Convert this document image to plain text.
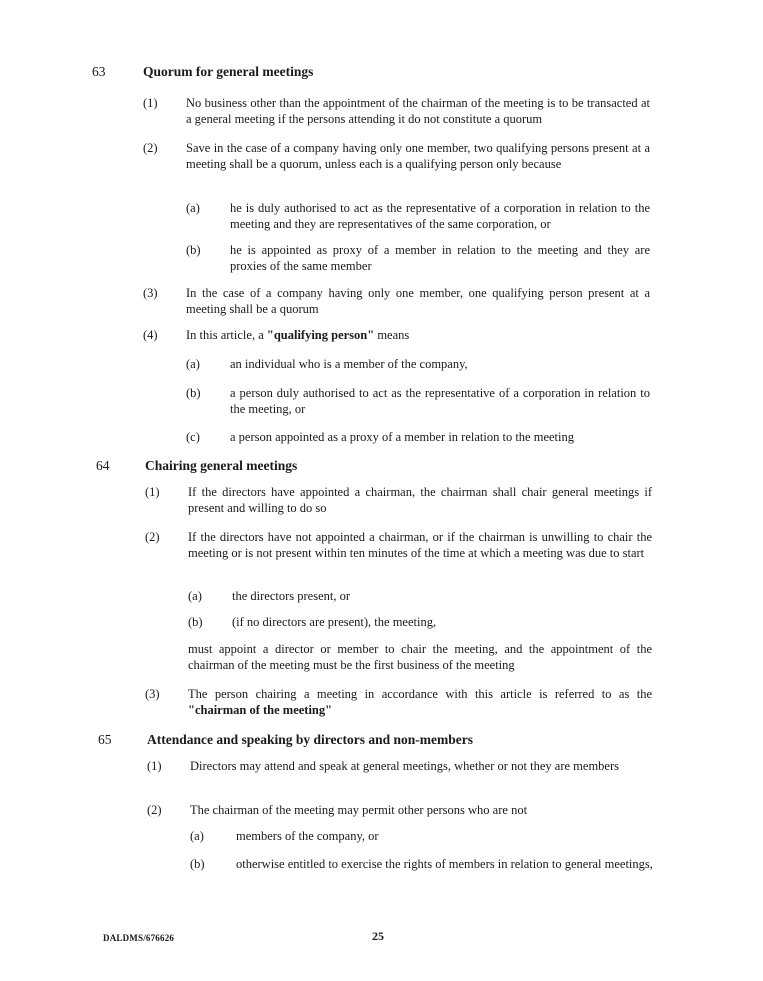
63	Quorum for general meetings
(1) No business other than the appointment of the chairman of the meeting is to be transacted at a general meeting if the persons attending it do not constitute a quorum
(2) Save in the case of a company having only one member, two qualifying persons present at a meeting shall be a quorum, unless each is a qualifying person only because
(a) he is duly authorised to act as the representative of a corporation in relation to the meeting and they are representatives of the same corporation, or
(b) he is appointed as proxy of a member in relation to the meeting and they are proxies of the same member
(3) In the case of a company having only one member, one qualifying person present at a meeting shall be a quorum
(4) In this article, a "qualifying person" means
(a) an individual who is a member of the company,
(b) a person duly authorised to act as the representative of a corporation in relation to the meeting, or
(c) a person appointed as a proxy of a member in relation to the meeting
64	Chairing general meetings
(1) If the directors have appointed a chairman, the chairman shall chair general meetings if present and willing to do so
(2) If the directors have not appointed a chairman, or if the chairman is unwilling to chair the meeting or is not present within ten minutes of the time at which a meeting was due to start
(a) the directors present, or
(b) (if no directors are present), the meeting,
must appoint a director or member to chair the meeting, and the appointment of the chairman of the meeting must be the first business of the meeting
(3) The person chairing a meeting in accordance with this article is referred to as the "chairman of the meeting"
65	Attendance and speaking by directors and non-members
(1) Directors may attend and speak at general meetings, whether or not they are members
(2) The chairman of the meeting may permit other persons who are not
(a)	members of the company, or
(b)	otherwise entitled to exercise the rights of members in relation to general meetings,
DALDMS/676626	25
